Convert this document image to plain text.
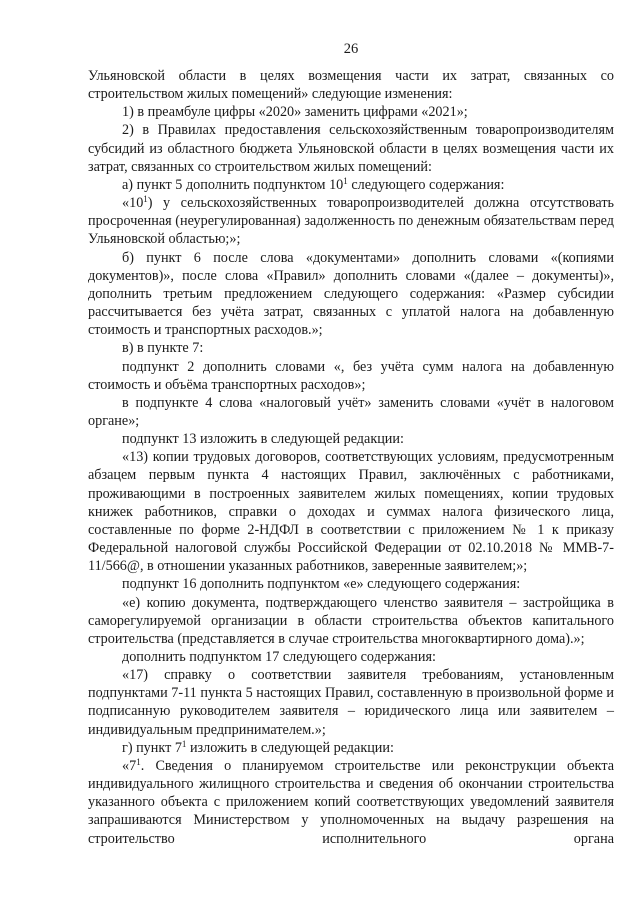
26

Ульяновской области в целях возмещения части их затрат, связанных со строительством жилых помещений» следующие изменения:

1) в преамбуле цифры «2020» заменить цифрами «2021»;

2) в Правилах предоставления сельскохозяйственным товаропроизводителям субсидий из областного бюджета Ульяновской области в целях возмещения части их затрат, связанных со строительством жилых помещений:

а) пункт 5 дополнить подпунктом $10^1$ следующего содержания:

«$10^1$) у сельскохозяйственных товаропроизводителей должна отсутствовать просроченная (неурегулированная) задолженность по денежным обязательствам перед Ульяновской областью;»;

б) пункт 6 после слова «документами» дополнить словами «(копиями документов)», после слова «Правил» дополнить словами «(далее – документы)», дополнить третьим предложением следующего содержания: «Размер субсидии рассчитывается без учёта затрат, связанных с уплатой налога на добавленную стоимость и транспортных расходов.»;

в) в пункте 7:

подпункт 2 дополнить словами «, без учёта сумм налога на добавленную стоимость и объёма транспортных расходов»;

в подпункте 4 слова «налоговый учёт» заменить словами «учёт в налоговом органе»;

подпункт 13 изложить в следующей редакции:

«13) копии трудовых договоров, соответствующих условиям, предусмотренным абзацем первым пункта 4 настоящих Правил, заключённых с работниками, проживающими в построенных заявителем жилых помещениях, копии трудовых книжек работников, справки о доходах и суммах налога физического лица, составленные по форме 2-НДФЛ в соответствии с приложением № 1 к приказу Федеральной налоговой службы Российской Федерации от 02.10.2018 № ММВ-7-11/566@, в отношении указанных работников, заверенные заявителем;»;

подпункт 16 дополнить подпунктом «е» следующего содержания:

«е) копию документа, подтверждающего членство заявителя – застройщика в саморегулируемой организации в области строительства объектов капитального строительства (представляется в случае строительства многоквартирного дома).»;

дополнить подпунктом 17 следующего содержания:

«17) справку о соответствии заявителя требованиям, установленным подпунктами 7-11 пункта 5 настоящих Правил, составленную в произвольной форме и подписанную руководителем заявителя – юридического лица или заявителем – индивидуальным предпринимателем.»;

г) пункт $7^1$ изложить в следующей редакции:

«$7^1$. Сведения о планируемом строительстве или реконструкции объекта индивидуального жилищного строительства и сведения об окончании строительства указанного объекта с приложением копий соответствующих уведомлений заявителя запрашиваются Министерством у уполномоченных на выдачу разрешения на строительство исполнительного органа
